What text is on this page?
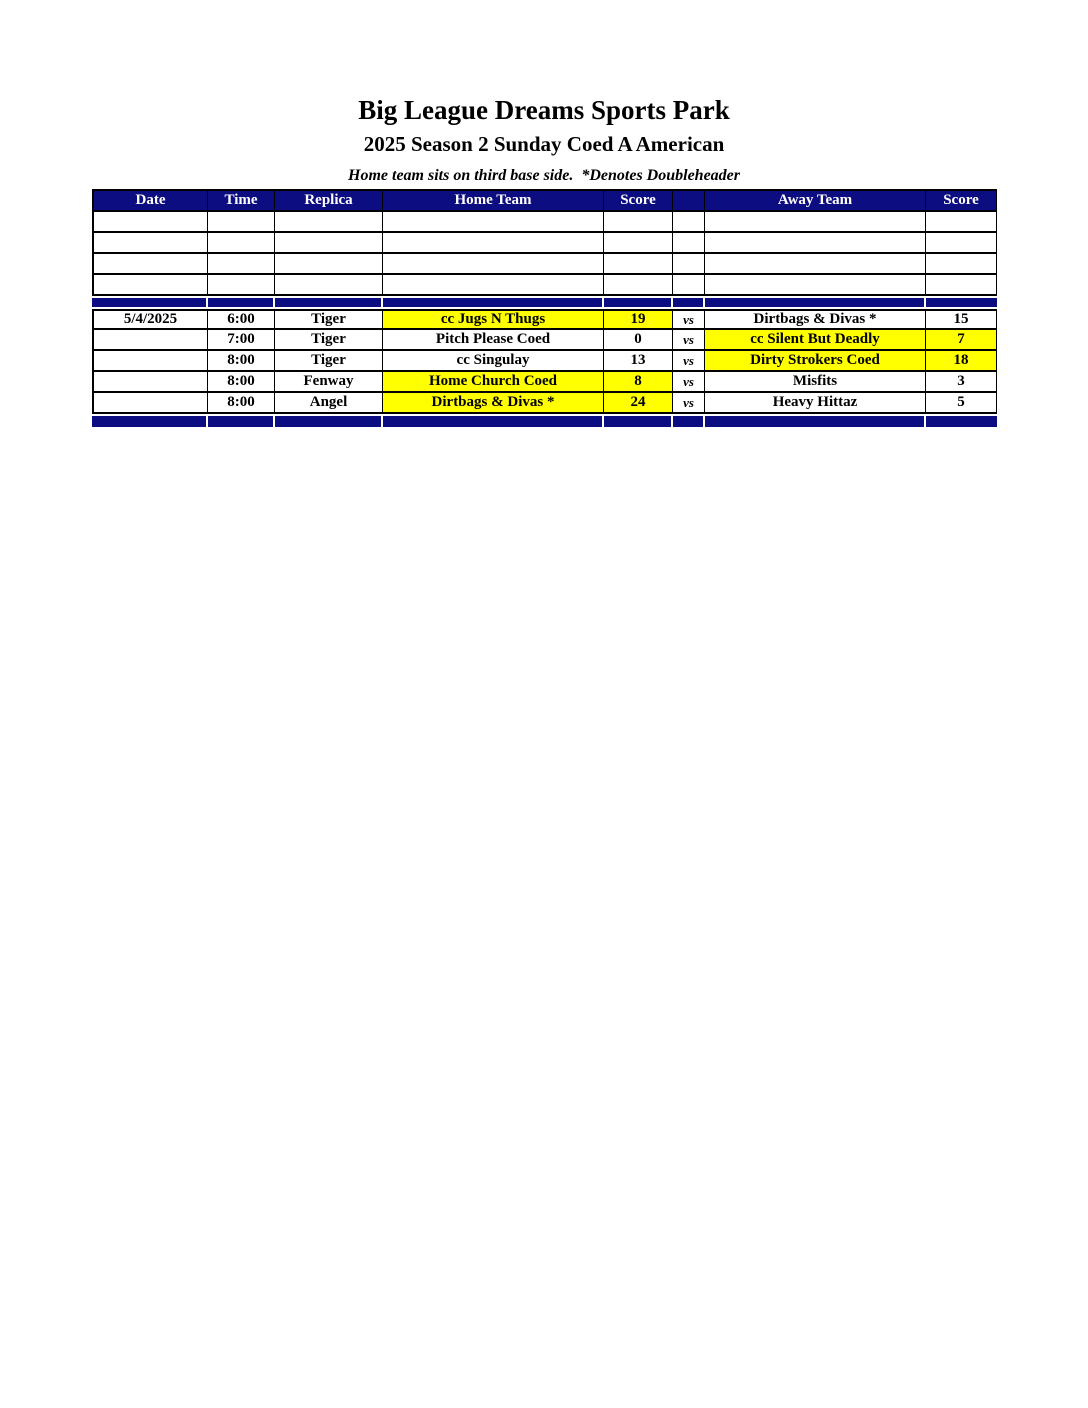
Big League Dreams Sports Park
2025 Season 2 Sunday Coed A American
Home team sits on third base side.  *Denotes Doubleheader
Date	Time	Replica	Home Team	Score		Away Team	Score

5/4/2025	6:00	Tiger	cc Jugs N Thugs	19	vs	Dirtbags & Divas *	15
	7:00	Tiger	Pitch Please Coed	0	vs	cc Silent But Deadly	7
	8:00	Tiger	cc Singulay	13	vs	Dirty Strokers Coed	18
	8:00	Fenway	Home Church Coed	8	vs	Misfits	3
	8:00	Angel	Dirtbags & Divas *	24	vs	Heavy Hittaz	5
